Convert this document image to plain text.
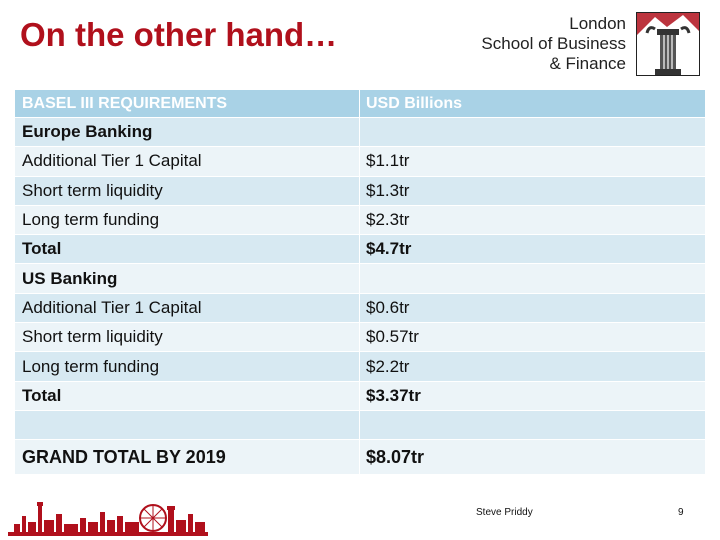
On the other hand…	London
School of Business
& Finance
BASEL III REQUIREMENTS	USD Billions
Europe Banking
Additional Tier 1 Capital	$1.1tr
Short term liquidity	$1.3tr
Long term funding	$2.3tr
Total	$4.7tr
US Banking
Additional Tier 1 Capital	$0.6tr
Short term liquidity	$0.57tr
Long term funding	$2.2tr
Total	$3.37tr
GRAND TOTAL BY 2019	$8.07tr
Steve Priddy	9
